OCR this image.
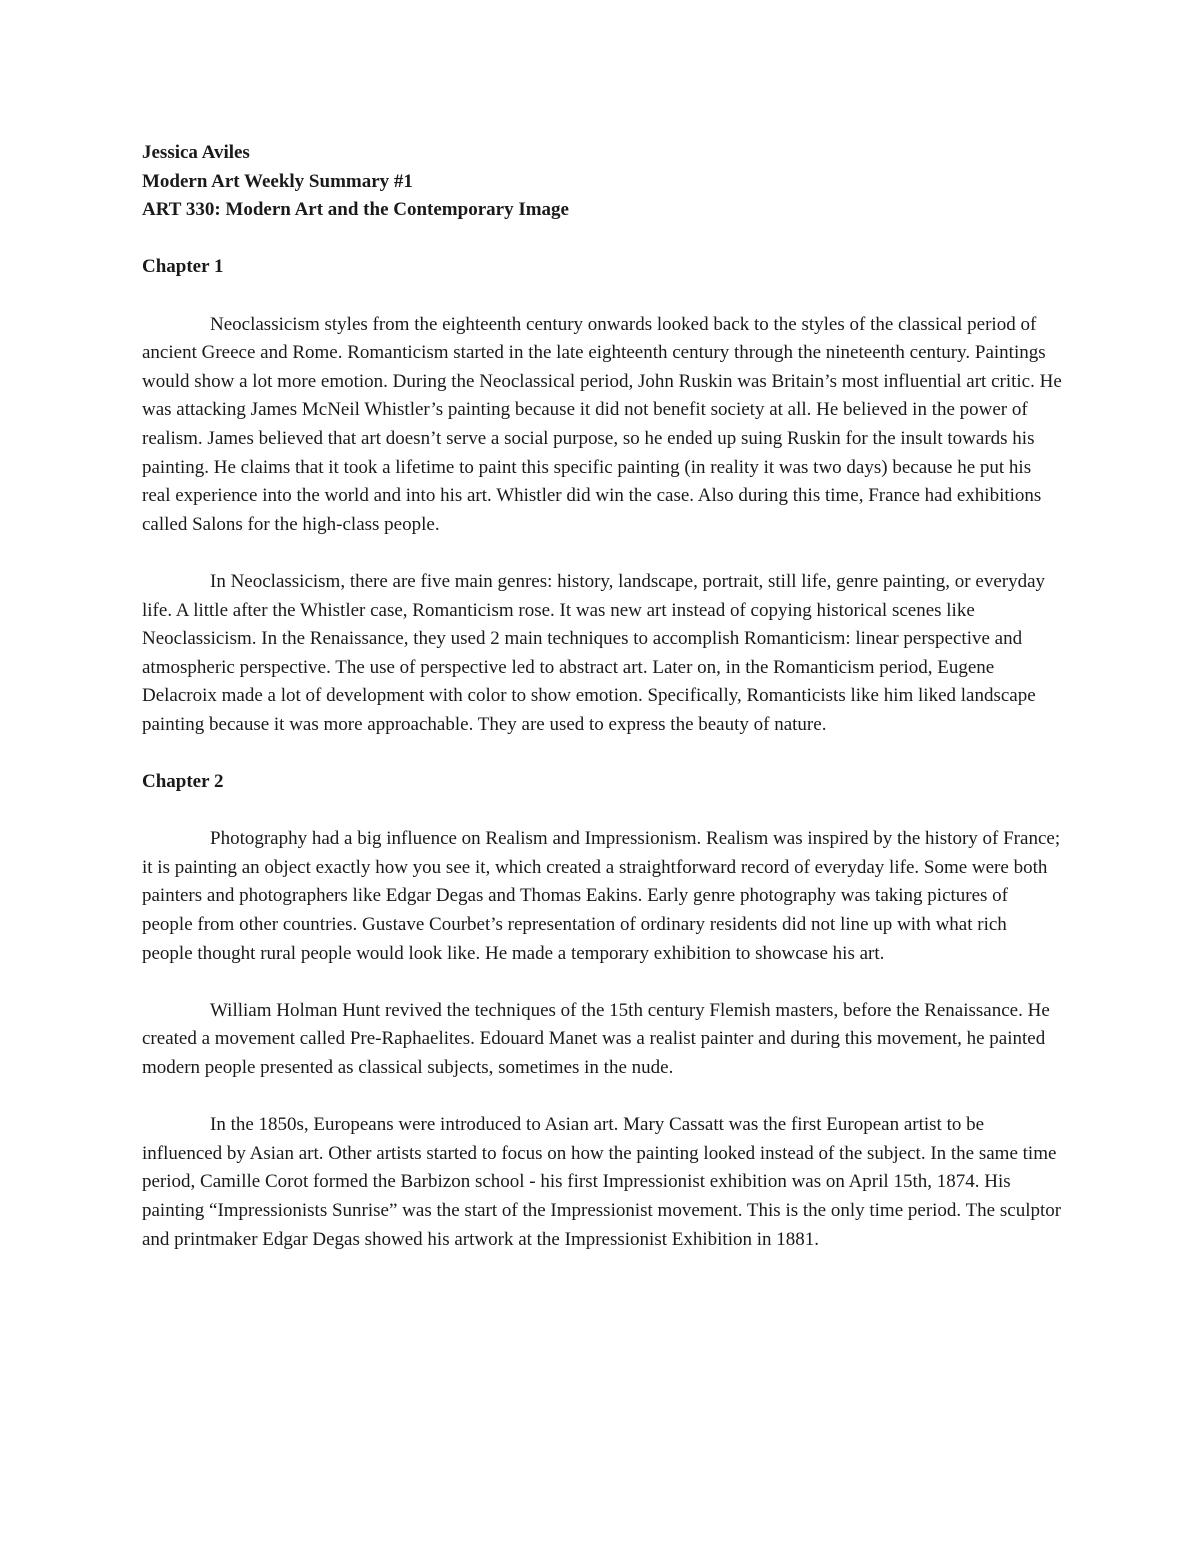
Jessica Aviles

Modern Art Weekly Summary #1

ART 330: Modern Art and the Contemporary Image

Chapter 1

Neoclassicism styles from the eighteenth century onwards looked back to the styles of the classical period of ancient Greece and Rome. Romanticism started in the late eighteenth century through the nineteenth century. Paintings would show a lot more emotion. During the Neoclassical period, John Ruskin was Britain’s most influential art critic. He was attacking James McNeil Whistler’s painting because it did not benefit society at all. He believed in the power of realism. James believed that art doesn’t serve a social purpose, so he ended up suing Ruskin for the insult towards his painting. He claims that it took a lifetime to paint this specific painting (in reality it was two days) because he put his real experience into the world and into his art. Whistler did win the case. Also during this time, France had exhibitions called Salons for the high-class people.

In Neoclassicism, there are five main genres: history, landscape, portrait, still life, genre painting, or everyday life. A little after the Whistler case, Romanticism rose. It was new art instead of copying historical scenes like Neoclassicism. In the Renaissance, they used 2 main techniques to accomplish Romanticism: linear perspective and atmospheric perspective. The use of perspective led to abstract art. Later on, in the Romanticism period, Eugene Delacroix made a lot of development with color to show emotion. Specifically, Romanticists like him liked landscape painting because it was more approachable. They are used to express the beauty of nature.

Chapter 2

Photography had a big influence on Realism and Impressionism. Realism was inspired by the history of France; it is painting an object exactly how you see it, which created a straightforward record of everyday life. Some were both painters and photographers like Edgar Degas and Thomas Eakins. Early genre photography was taking pictures of people from other countries. Gustave Courbet’s representation of ordinary residents did not line up with what rich people thought rural people would look like. He made a temporary exhibition to showcase his art.

William Holman Hunt revived the techniques of the 15th century Flemish masters, before the Renaissance. He created a movement called Pre-Raphaelites. Edouard Manet was a realist painter and during this movement, he painted modern people presented as classical subjects, sometimes in the nude.

In the 1850s, Europeans were introduced to Asian art. Mary Cassatt was the first European artist to be influenced by Asian art. Other artists started to focus on how the painting looked instead of the subject. In the same time period, Camille Corot formed the Barbizon school - his first Impressionist exhibition was on April 15th, 1874. His painting “Impressionists Sunrise” was the start of the Impressionist movement. This is the only time period. The sculptor and printmaker Edgar Degas showed his artwork at the Impressionist Exhibition in 1881.
